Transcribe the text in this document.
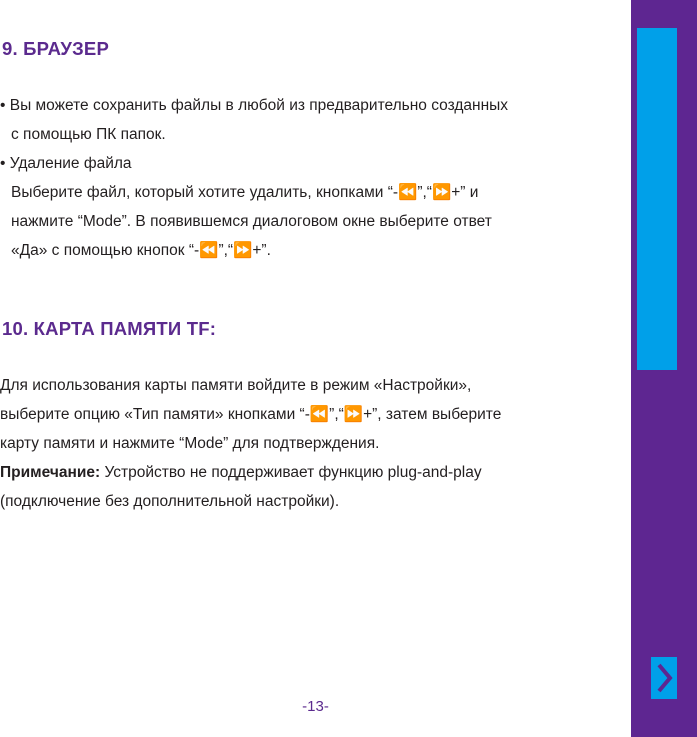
9. БРАУЗЕР

• Вы можете сохранить файлы в любой из предварительно созданных

с помощью ПК папок.

• Удаление файла

Выберите файл, который хотите удалить, кнопками “-⏪”,“⏩+” и

нажмите “Mode”. В появившемся диалоговом окне выберите ответ

«Да» с помощью кнопок “-⏪”,“⏩+”.

10. КАРТА ПАМЯТИ TF:

Для использования карты памяти войдите в режим «Настройки»,

выберите опцию «Тип памяти» кнопками “-⏪”,“⏩+”, затем выберите

карту памяти и нажмите “Mode” для подтверждения.

Примечание: Устройство не поддерживает функцию plug-and-play

(подключение без дополнительной настройки).

-13-
